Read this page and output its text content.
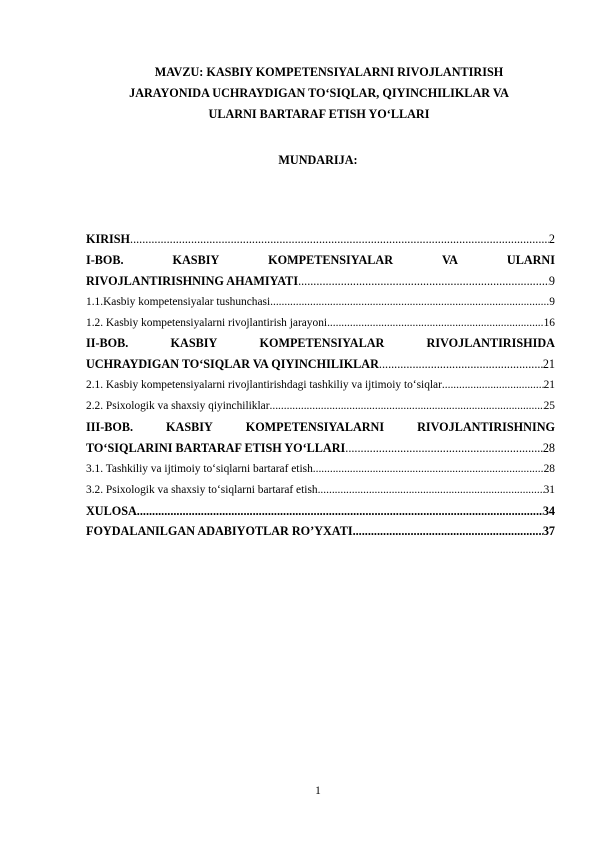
MAVZU: KASBIY KOMPETENSIYALARNI RIVOJLANTIRISH
JARAYONIDA UCHRAYDIGAN TO‘SIQLAR, QIYINCHILIKLAR VA
ULARNI BARTARAF ETISH YO‘LLARI
MUNDARIJA:
KIRISH .....	2
I-BOB.	KASBIY	KOMPETENSIYALAR	VA	ULARNI
RIVOJLANTIRISHNING AHAMIYATI .....	9
1.1.Kasbiy kompetensiyalar tushunchasi .....	9
1.2. Kasbiy kompetensiyalarni rivojlantirish jarayoni .....	16
II-BOB.	KASBIY	KOMPETENSIYALAR	RIVOJLANTIRISHIDA
UCHRAYDIGAN TO‘SIQLAR VA QIYINCHILIKLAR .....	21
2.1. Kasbiy kompetensiyalarni rivojlantirishdagi tashkiliy va ijtimoiy to‘siqlar .....	21
2.2. Psixologik va shaxsiy qiyinchiliklar .....	25
III-BOB.	KASBIY	KOMPETENSIYALARNI	RIVOJLANTIRISHNING
TO‘SIQLARINI BARTARAF ETISH YO‘LLARI .....	28
3.1. Tashkiliy va ijtimoiy to‘siqlarni bartaraf etish .....	28
3.2. Psixologik va shaxsiy to‘siqlarni bartaraf etish .....	31
XULOSA .....	34
FOYDALANILGAN ADABIYOTLAR RO’YXATI .....	37
1
